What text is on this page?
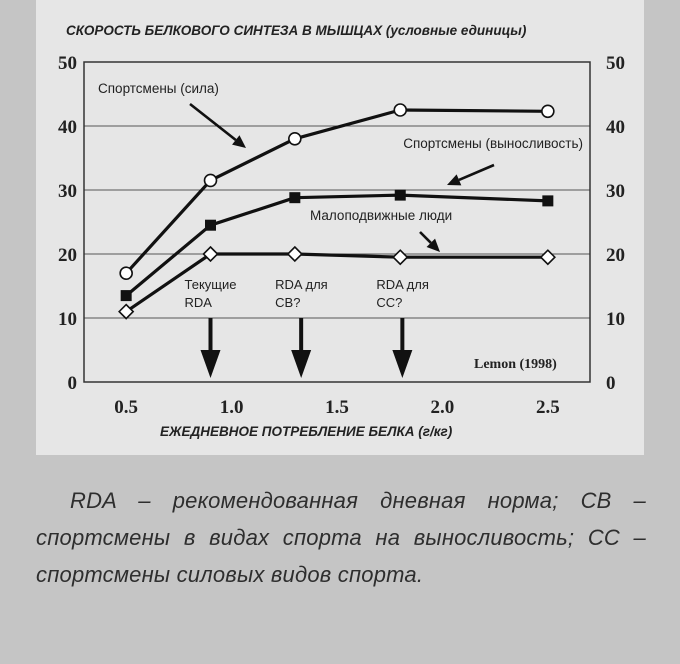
СКОРОСТЬ БЕЛКОВОГО СИНТЕЗА В МЫШЦАХ (условные единицы)
0
10
20
30
40
50
0
10
20
30
40
50
0.5	1.0	1.5	2.0	2.5
ЕЖЕДНЕВНОЕ ПОТРЕБЛЕНИЕ БЕЛКА (г/кг)
Текущие
RDA
RDA для
СВ?
RDA для
СС?
Спортсмены (сила)
Спортсмены (выносливость)
Малоподвижные люди
Lemon (1998)
RDA – рекомендованная дневная норма; СВ – спортсмены в видах спорта на выносливость; СС – спортсмены силовых видов спорта.
